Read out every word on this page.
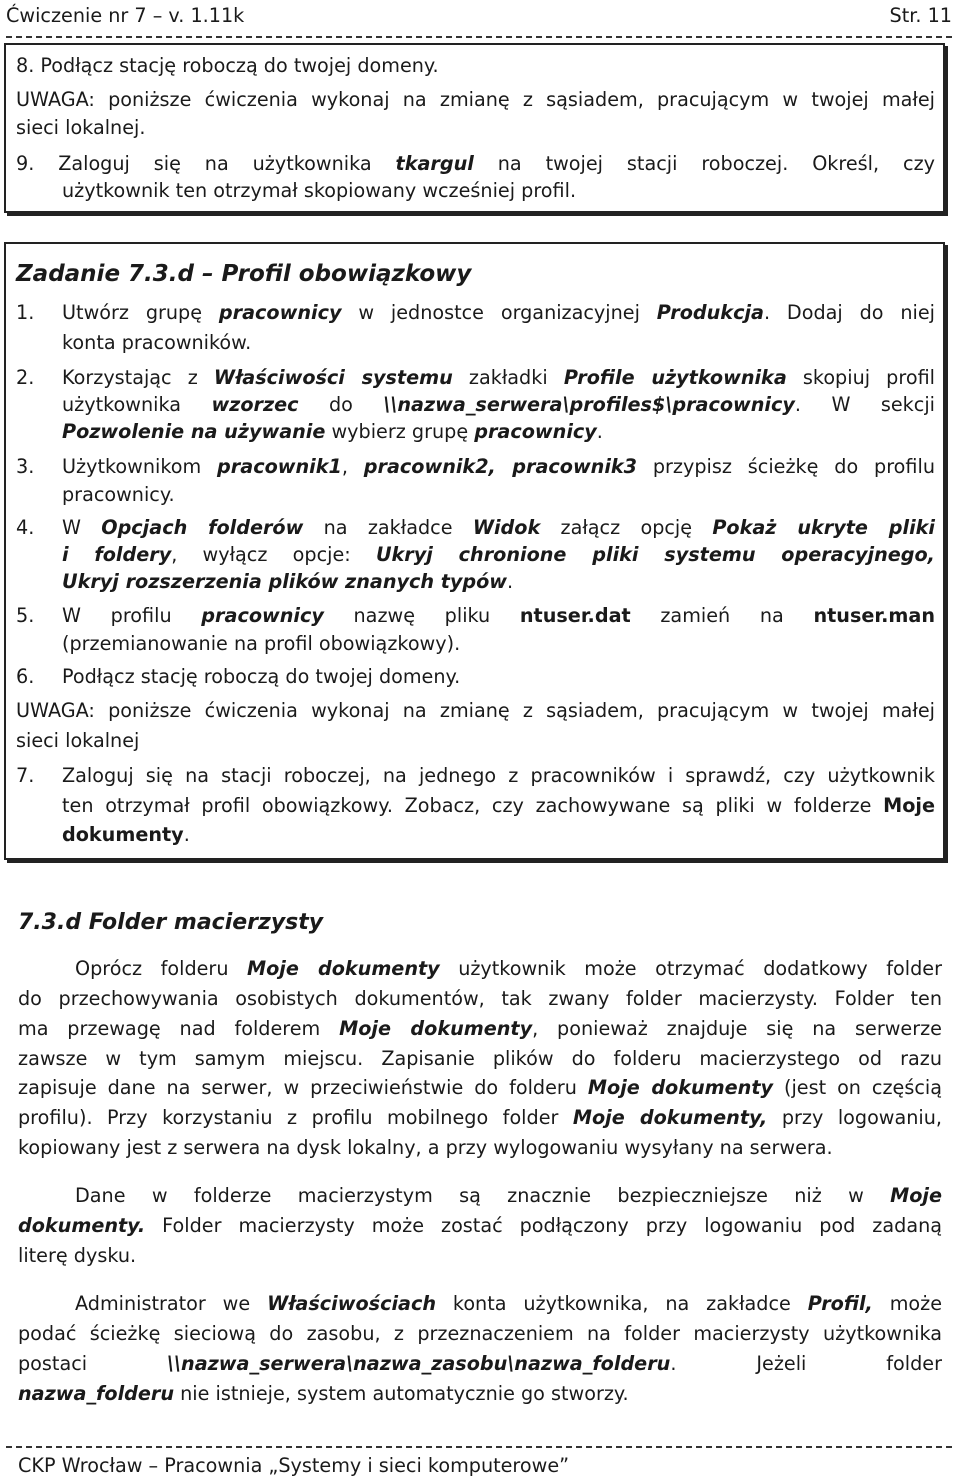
Ćwiczenie nr 7 – v. 1.11k	Str. 11
8. Podłącz stację roboczą do twojej domeny.
UWAGA: poniższe ćwiczenia wykonaj na zmianę z sąsiadem, pracującym w twojej małej
sieci lokalnej.
9. Zaloguj się na użytkownika tkargul na twojej stacji roboczej. Określ, czy
użytkownik ten otrzymał skopiowany wcześniej profil.
Zadanie 7.3.d – Profil obowiązkowy
1. Utwórz grupę pracownicy w jednostce organizacyjnej Produkcja. Dodaj do niej
konta pracowników.
2. Korzystając z Właściwości systemu zakładki Profile użytkownika skopiuj profil
użytkownika wzorzec do \\nazwa_serwera\profiles$\pracownicy. W sekcji
Pozwolenie na używanie wybierz grupę pracownicy.
3. Użytkownikom pracownik1, pracownik2, pracownik3 przypisz ścieżkę do profilu
pracownicy.
4. W Opcjach folderów na zakładce Widok załącz opcję Pokaż ukryte pliki
i foldery, wyłącz opcje: Ukryj chronione pliki systemu operacyjnego,
Ukryj rozszerzenia plików znanych typów.
5. W profilu pracownicy nazwę pliku ntuser.dat zamień na ntuser.man
(przemianowanie na profil obowiązkowy).
6. Podłącz stację roboczą do twojej domeny.
UWAGA: poniższe ćwiczenia wykonaj na zmianę z sąsiadem, pracującym w twojej małej
sieci lokalnej
7. Zaloguj się na stacji roboczej, na jednego z pracowników i sprawdź, czy użytkownik
ten otrzymał profil obowiązkowy. Zobacz, czy zachowywane są pliki w folderze Moje
dokumenty.
7.3.d Folder macierzysty
Oprócz folderu Moje dokumenty użytkownik może otrzymać dodatkowy folder
do przechowywania osobistych dokumentów, tak zwany folder macierzysty. Folder ten
ma przewagę nad folderem Moje dokumenty, ponieważ znajduje się na serwerze
zawsze w tym samym miejscu. Zapisanie plików do folderu macierzystego od razu
zapisuje dane na serwer, w przeciwieństwie do folderu Moje dokumenty (jest on częścią
profilu). Przy korzystaniu z profilu mobilnego folder Moje dokumenty, przy logowaniu,
kopiowany jest z serwera na dysk lokalny, a przy wylogowaniu wysyłany na serwera.
Dane w folderze macierzystym są znacznie bezpieczniejsze niż w Moje
dokumenty. Folder macierzysty może zostać podłączony przy logowaniu pod zadaną
literę dysku.
Administrator we Właściwościach konta użytkownika, na zakładce Profil, może
podać ścieżkę sieciową do zasobu, z przeznaczeniem na folder macierzysty użytkownika
postaci \\nazwa_serwera\nazwa_zasobu\nazwa_folderu. Jeżeli folder
nazwa_folderu nie istnieje, system automatycznie go stworzy.
CKP Wrocław – Pracownia „Systemy i sieci komputerowe”
